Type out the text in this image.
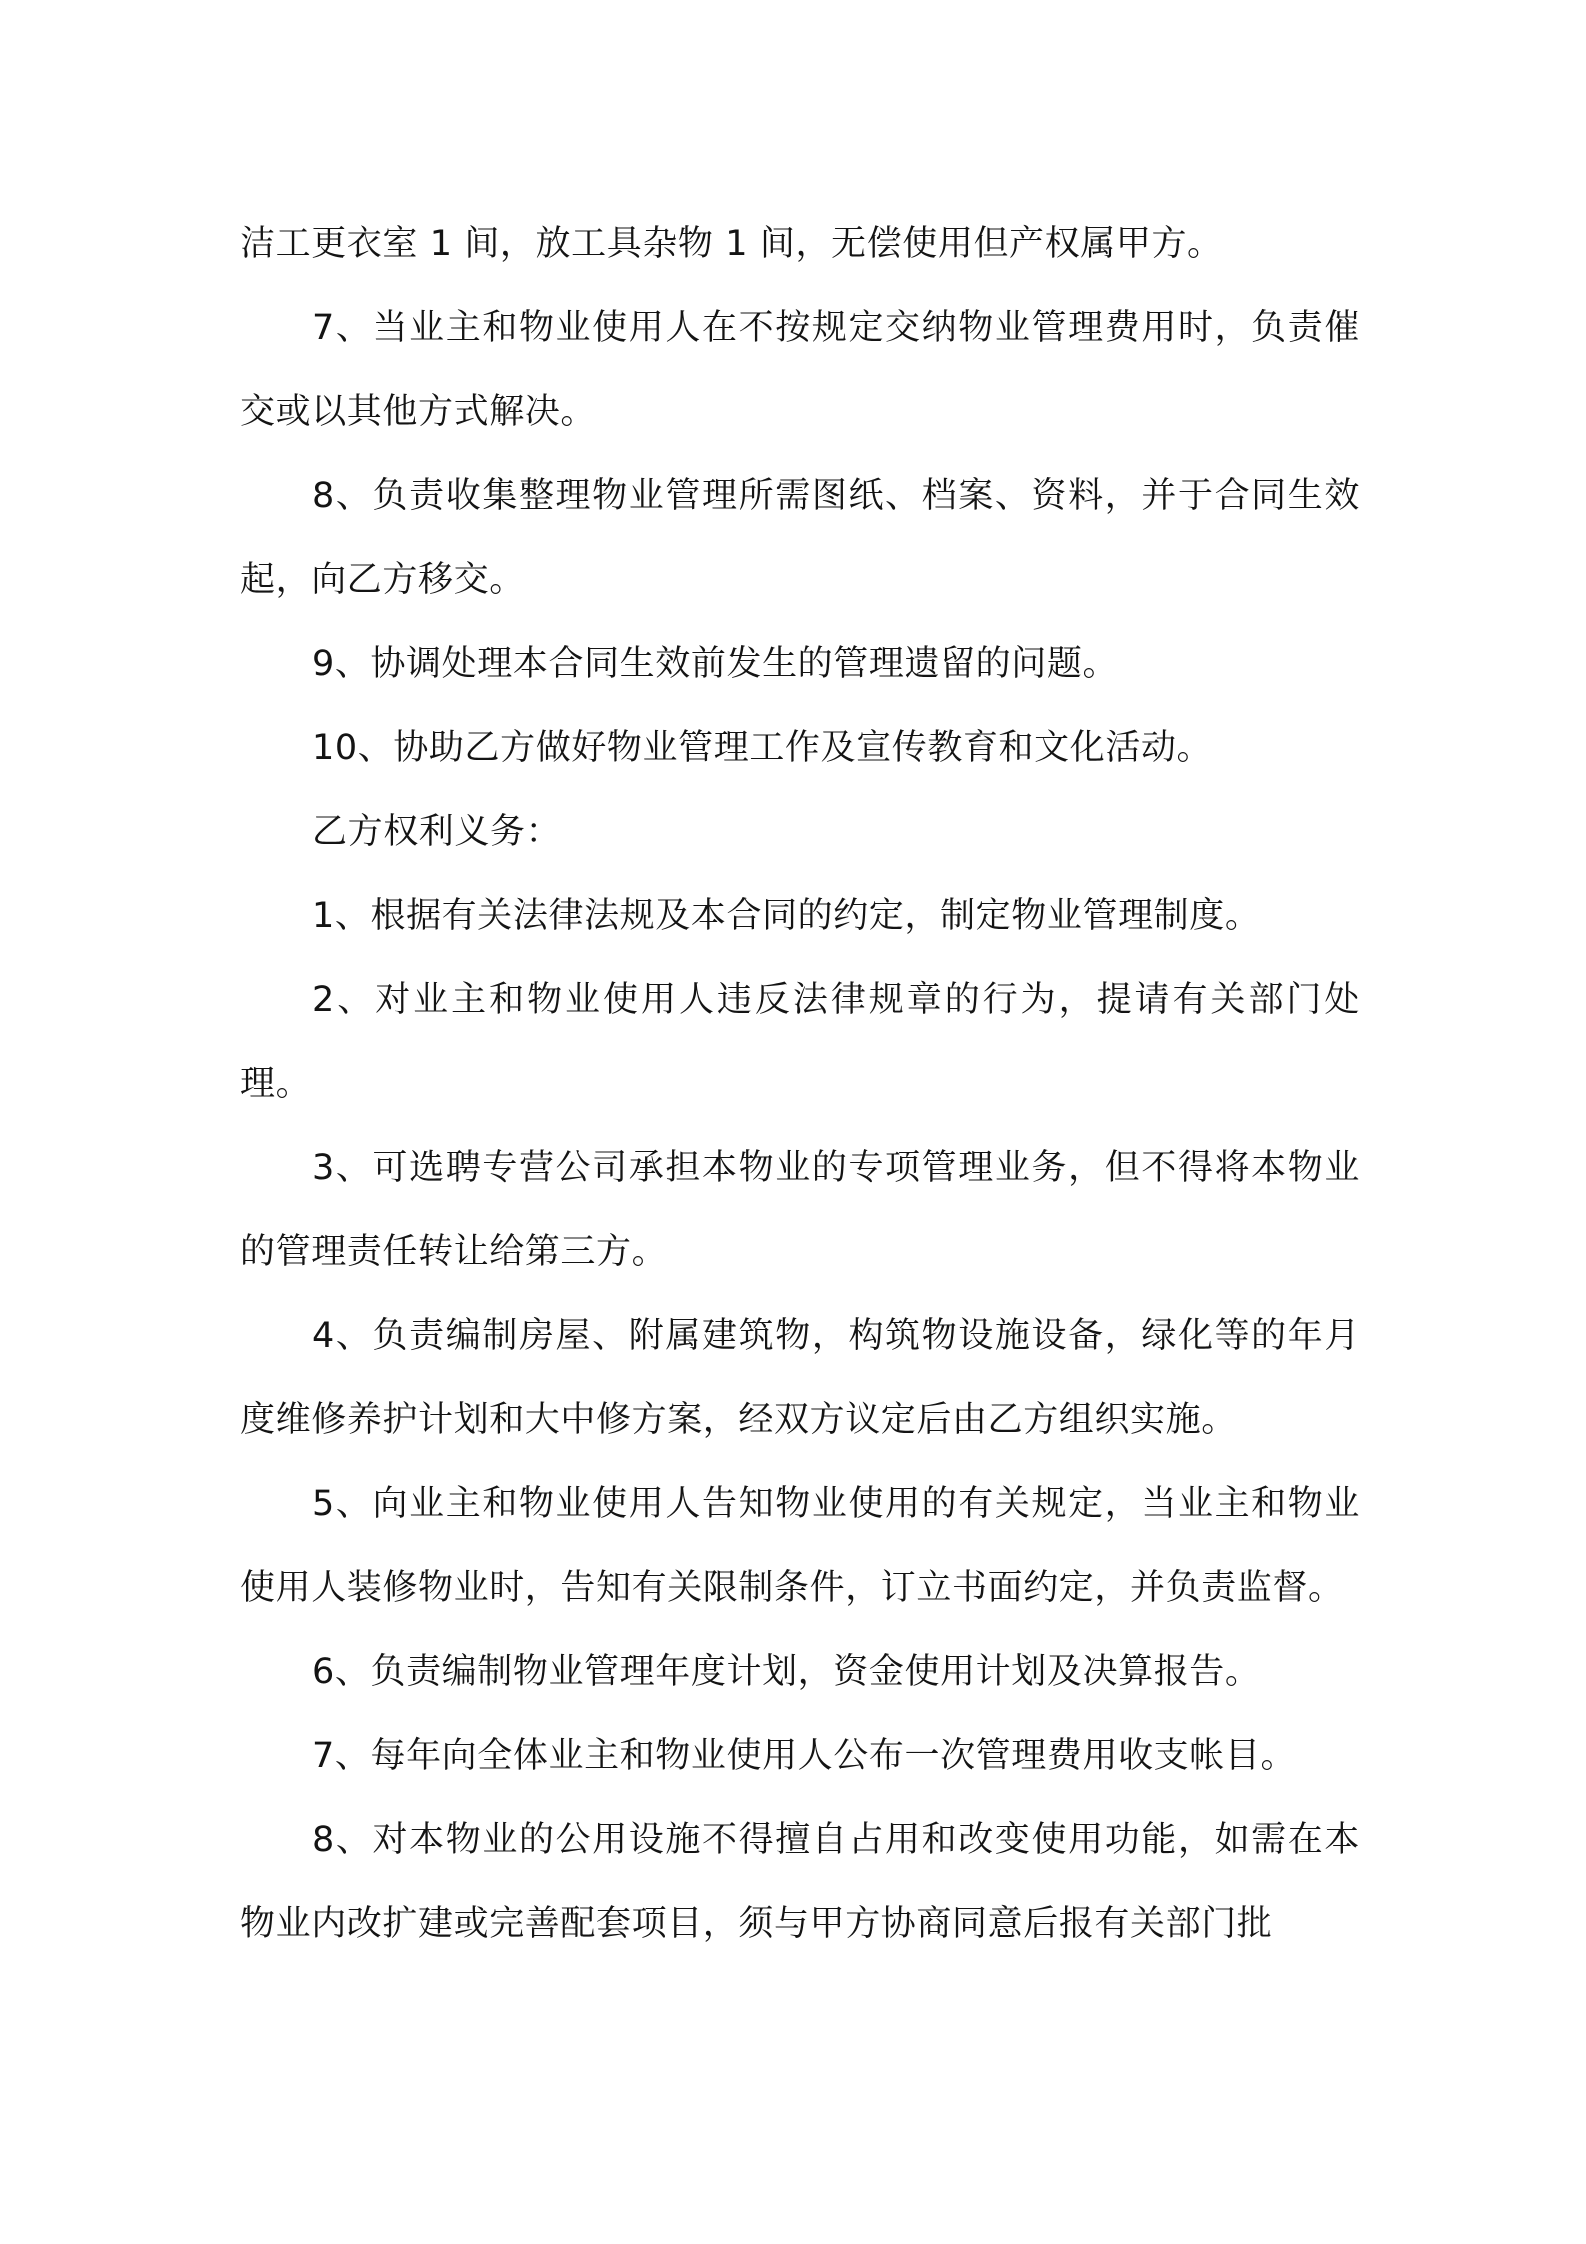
洁工更衣室 1 间，放工具杂物 1 间，无偿使用但产权属甲方。

7、当业主和物业使用人在不按规定交纳物业管理费用时，负责催交或以其他方式解决。

8、负责收集整理物业管理所需图纸、档案、资料，并于合同生效起，向乙方移交。

9、协调处理本合同生效前发生的管理遗留的问题。

10、协助乙方做好物业管理工作及宣传教育和文化活动。

乙方权利义务：

1、根据有关法律法规及本合同的约定，制定物业管理制度。

2、对业主和物业使用人违反法律规章的行为，提请有关部门处理。

3、可选聘专营公司承担本物业的专项管理业务，但不得将本物业的管理责任转让给第三方。

4、负责编制房屋、附属建筑物，构筑物设施设备，绿化等的年月度维修养护计划和大中修方案，经双方议定后由乙方组织实施。

5、向业主和物业使用人告知物业使用的有关规定，当业主和物业使用人装修物业时，告知有关限制条件，订立书面约定，并负责监督。

6、负责编制物业管理年度计划，资金使用计划及决算报告。

7、每年向全体业主和物业使用人公布一次管理费用收支帐目。

8、对本物业的公用设施不得擅自占用和改变使用功能，如需在本物业内改扩建或完善配套项目，须与甲方协商同意后报有关部门批
